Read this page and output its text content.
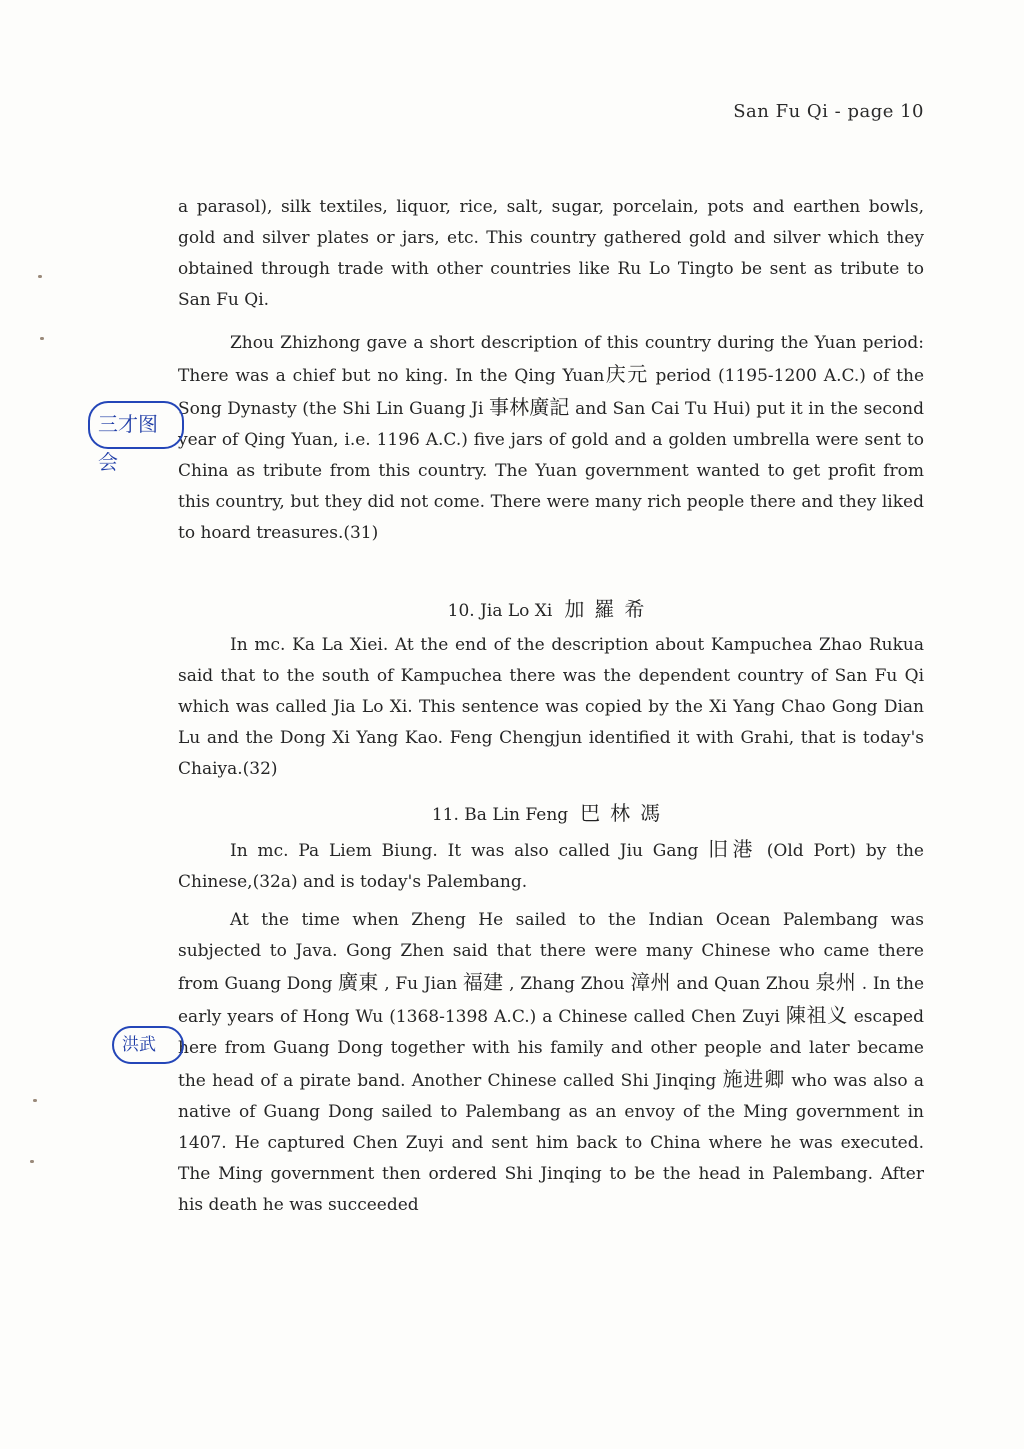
San Fu Qi - page 10
a parasol), silk textiles, liquor, rice, salt, sugar, porcelain, pots and earthen bowls, gold and silver plates or jars, etc. This country gathered gold and silver which they obtained through trade with other countries like Ru Lo Tingto be sent as tribute to San Fu Qi.
Zhou Zhizhong gave a short description of this country during the Yuan period: There was a chief but no king. In the Qing Yuan庆元 period (1195-1200 A.C.) of the Song Dynasty (the Shi Lin Guang Ji 事林廣記 and San Cai Tu Hui) put it in the second year of Qing Yuan, i.e. 1196 A.C.) five jars of gold and a golden umbrella were sent to China as tribute from this country. The Yuan government wanted to get profit from this country, but they did not come. There were many rich people there and they liked to hoard treasures.(31)
三才图会

10. Jia Lo Xi 加羅希

In mc. Ka La Xiei. At the end of the description about Kampuchea Zhao Rukua said that to the south of Kampuchea there was the dependent country of San Fu Qi which was called Jia Lo Xi. This sentence was copied by the Xi Yang Chao Gong Dian Lu and the Dong Xi Yang Kao. Feng Chengjun identified it with Grahi, that is today's Chaiya.(32)

11. Ba Lin Feng 巴林馮

In mc. Pa Liem Biung. It was also called Jiu Gang 旧港 (Old Port) by the Chinese,(32a) and is today's Palembang.

At the time when Zheng He sailed to the Indian Ocean Palembang was subjected to Java. Gong Zhen said that there were many Chinese who came there from Guang Dong 廣東 , Fu Jian 福建 , Zhang Zhou 漳州 and Quan Zhou 泉州 . In the early years of Hong Wu (1368-1398 A.C.) a Chinese called Chen Zuyi 陳祖义 escaped here from Guang Dong together with his family and other people and later became the head of a pirate band. Another Chinese called Shi Jinqing 施进卿 who was also a native of Guang Dong sailed to Palembang as an envoy of the Ming government in 1407. He captured Chen Zuyi and sent him back to China where he was executed. The Ming government then ordered Shi Jinqing to be the head in Palembang. After his death he was succeeded
洪武
